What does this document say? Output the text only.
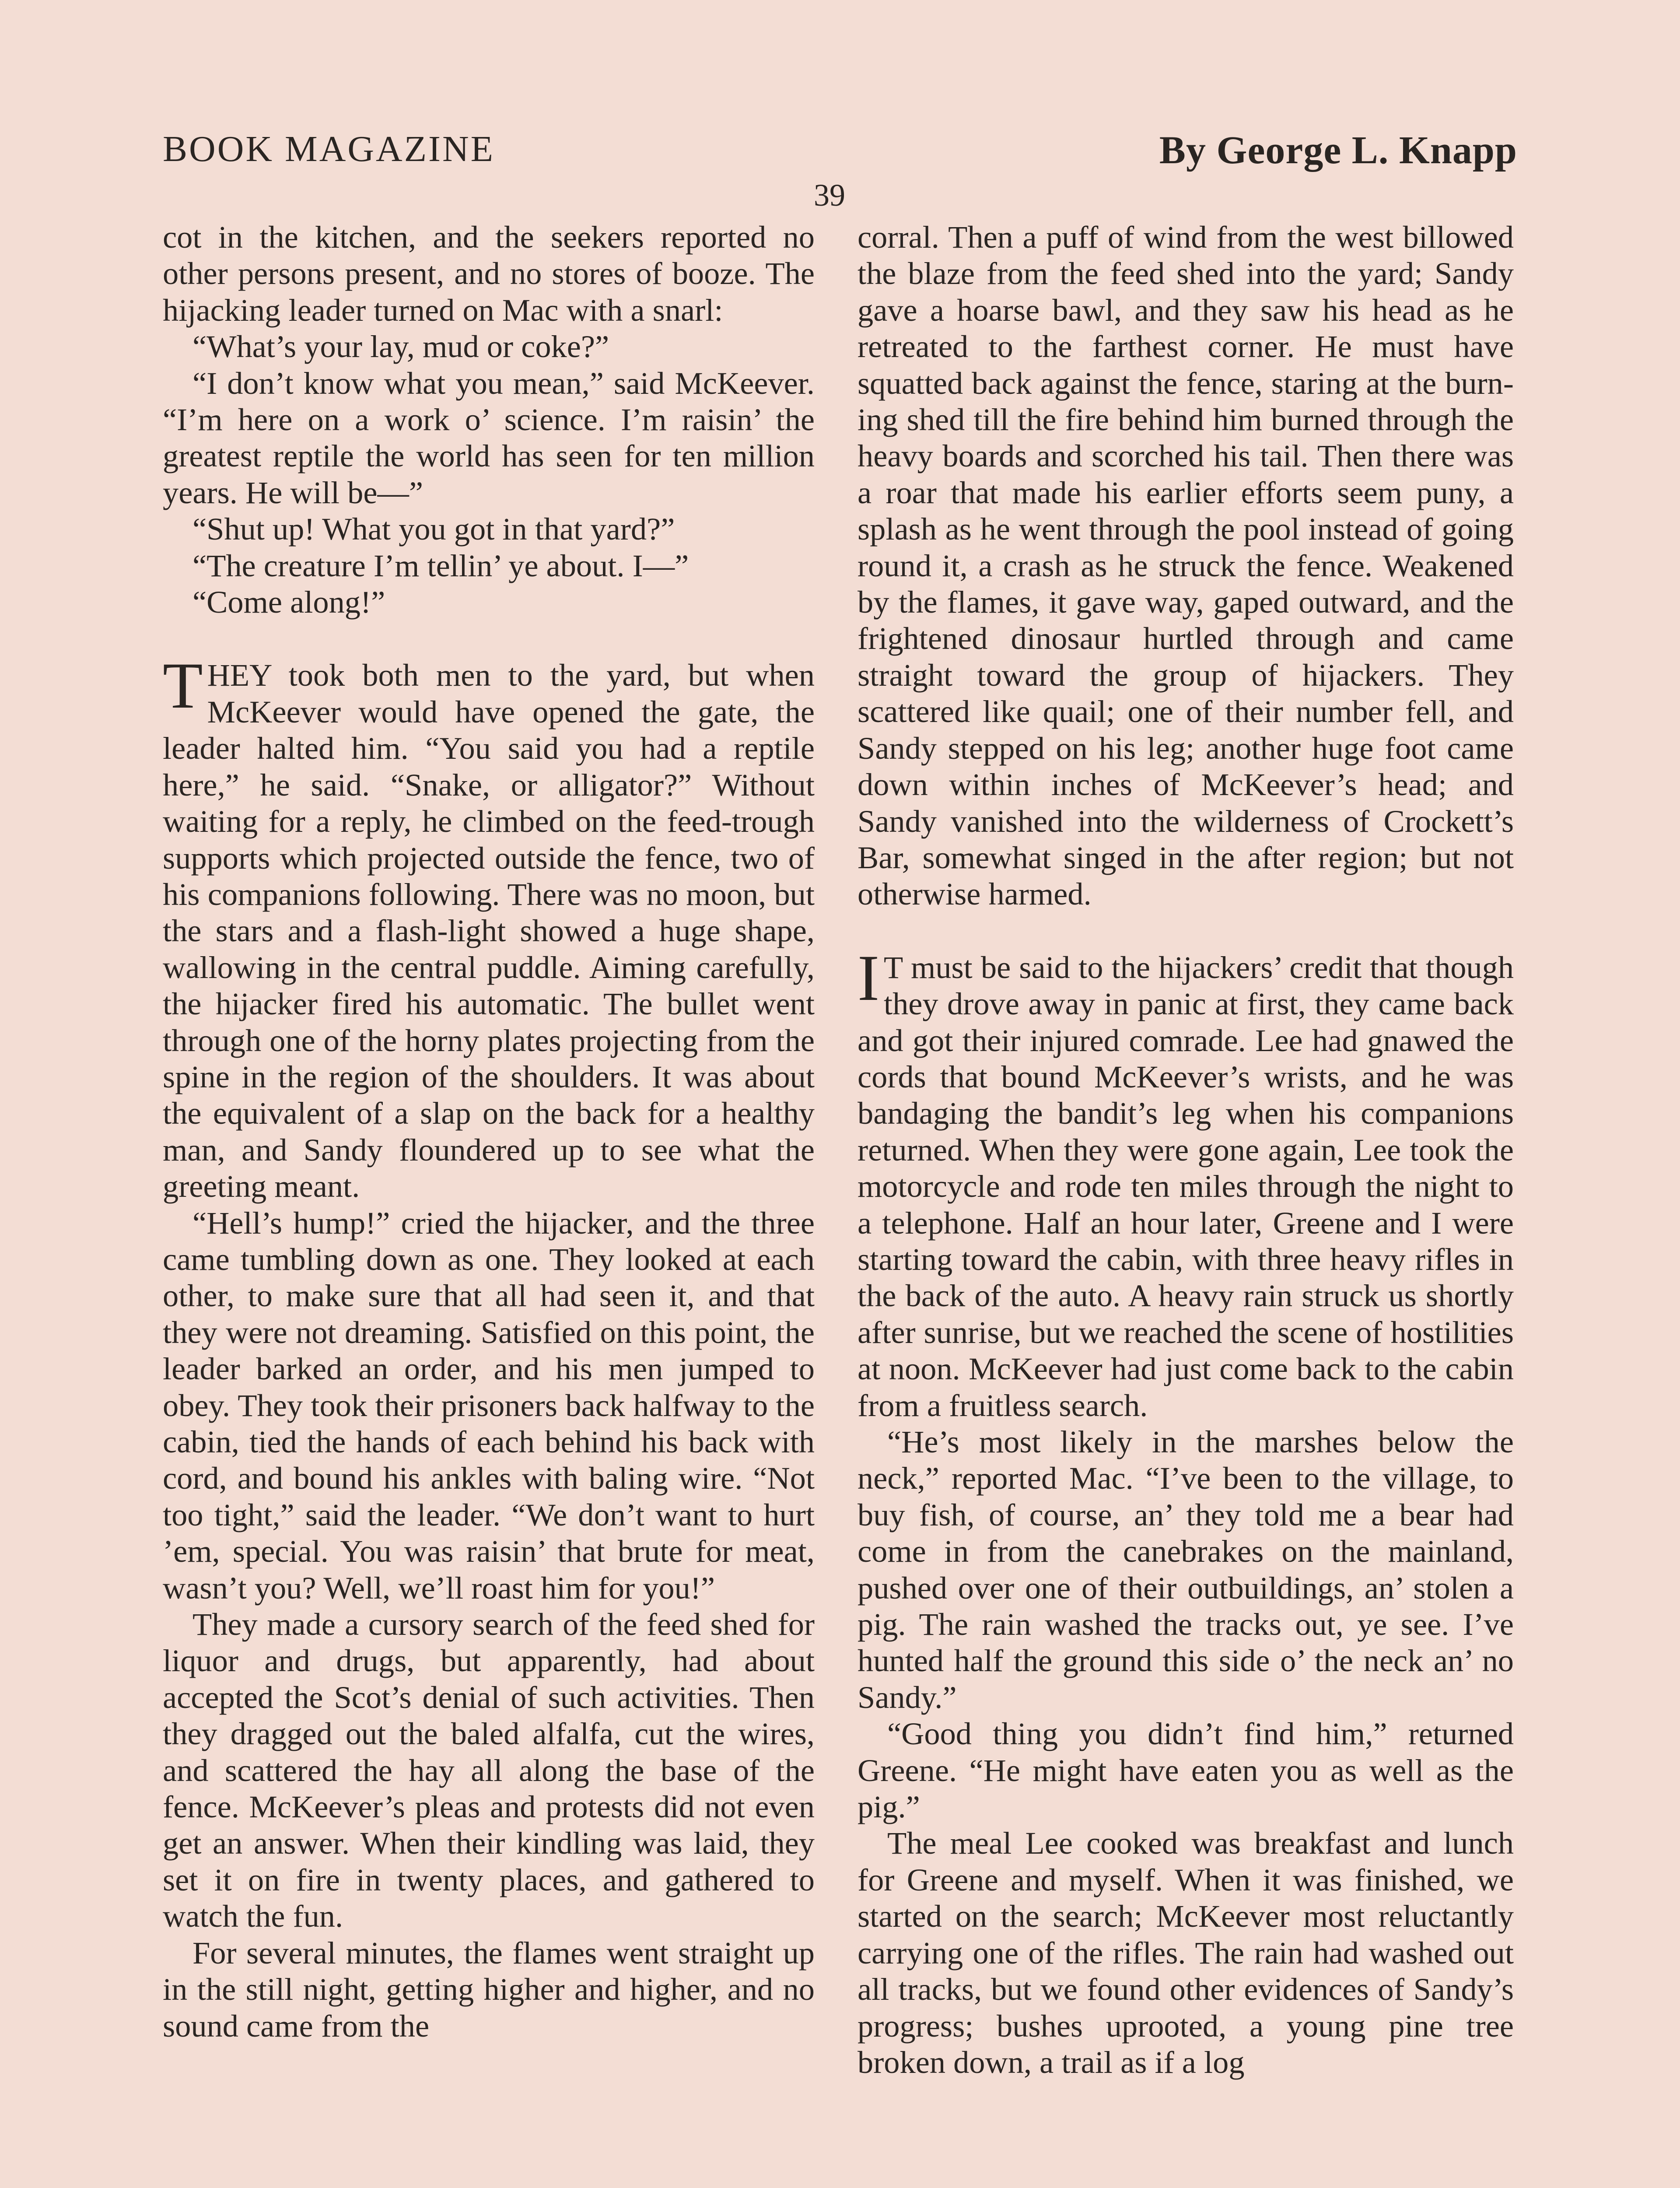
BOOK MAGAZINE	By George L. Knapp
39

cot in the kitchen, and the seekers reported no other persons present, and no stores of booze. The hijacking leader turned on Mac with a snarl:

“What’s your lay, mud or coke?”

“I don’t know what you mean,” said McKeever. “I’m here on a work o’ science. I’m raisin’ the greatest reptile the world has seen for ten million years. He will be—”

“Shut up! What you got in that yard?”

“The creature I’m tellin’ ye about. I—”

“Come along!”

THEY took both men to the yard, but when McKeever would have opened the gate, the leader halted him. “You said you had a reptile here,” he said. “Snake, or alligator?” Without waiting for a reply, he climbed on the feed-trough supports which projected outside the fence, two of his companions following. There was no moon, but the stars and a flash-light showed a huge shape, wallowing in the central puddle. Aiming carefully, the hijacker fired his automatic. The bullet went through one of the horny plates projecting from the spine in the region of the shoulders. It was about the equivalent of a slap on the back for a healthy man, and Sandy floundered up to see what the greeting meant.

“Hell’s hump!” cried the hijacker, and the three came tumbling down as one. They looked at each other, to make sure that all had seen it, and that they were not dreaming. Satisfied on this point, the leader barked an order, and his men jumped to obey. They took their prisoners back halfway to the cabin, tied the hands of each behind his back with cord, and bound his ankles with baling wire. “Not too tight,” said the leader. “We don’t want to hurt ’em, special. You was raisin’ that brute for meat, wasn’t you? Well, we’ll roast him for you!”

They made a cursory search of the feed shed for liquor and drugs, but apparently, had about accepted the Scot’s denial of such activities. Then they dragged out the baled alfalfa, cut the wires, and scattered the hay all along the base of the fence. McKeever’s pleas and protests did not even get an answer. When their kindling was laid, they set it on fire in twenty places, and gathered to watch the fun.

For several minutes, the flames went straight up in the still night, getting higher and higher, and no sound came from the

corral. Then a puff of wind from the west billowed the blaze from the feed shed into the yard; Sandy gave a hoarse bawl, and they saw his head as he retreated to the farthest corner. He must have squatted back against the fence, staring at the burning shed till the fire behind him burned through the heavy boards and scorched his tail. Then there was a roar that made his earlier efforts seem puny, a splash as he went through the pool instead of going round it, a crash as he struck the fence. Weakened by the flames, it gave way, gaped outward, and the frightened dinosaur hurtled through and came straight toward the group of hijackers. They scattered like quail; one of their number fell, and Sandy stepped on his leg; another huge foot came down within inches of McKeever’s head; and Sandy vanished into the wilderness of Crockett’s Bar, somewhat singed in the after region; but not otherwise harmed.

I T must be said to the hijackers’ credit that though they drove away in panic at first, they came back and got their injured comrade. Lee had gnawed the cords that bound McKeever’s wrists, and he was bandaging the bandit’s leg when his companions returned. When they were gone again, Lee took the motorcycle and rode ten miles through the night to a telephone. Half an hour later, Greene and I were starting toward the cabin, with three heavy rifles in the back of the auto. A heavy rain struck us shortly after sunrise, but we reached the scene of hostilities at noon. McKeever had just come back to the cabin from a fruitless search.

“He’s most likely in the marshes below the neck,” reported Mac. “I’ve been to the village, to buy fish, of course, an’ they told me a bear had come in from the canebrakes on the mainland, pushed over one of their outbuildings, an’ stolen a pig. The rain washed the tracks out, ye see. I’ve hunted half the ground this side o’ the neck an’ no Sandy.”

“Good thing you didn’t find him,” returned Greene. “He might have eaten you as well as the pig.”

The meal Lee cooked was breakfast and lunch for Greene and myself. When it was finished, we started on the search; McKeever most reluctantly carrying one of the rifles. The rain had washed out all tracks, but we found other evidences of Sandy’s progress; bushes uprooted, a young pine tree broken down, a trail as if a log
